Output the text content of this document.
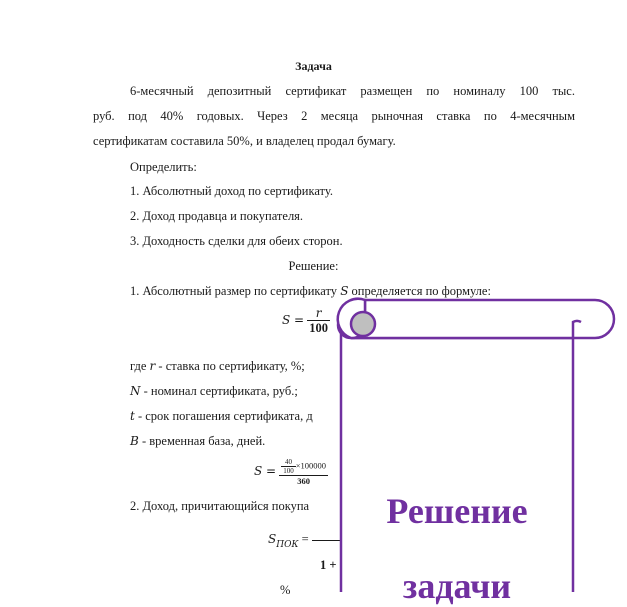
Задача
6-месячный депозитный сертификат размещен по номиналу 100 тыс.
руб. под 40% годовых. Через 2 месяца рыночная ставка по 4-месячным
сертификатам составила 50%, и владелец продал бумагу.
Определить:
1. Абсолютный доход по сертификату.
2. Доход продавца и покупателя.
3. Доходность сделки для обеих сторон.
Решение:
1. Абсолютный размер по сертификату S определяется по формуле:
$S = \frac{r}{100}$
где r - ставка по сертификату, %;
N - номинал сертификата, руб.;
t - срок погашения сертификата, д
B - временная база, дней.
$S = \frac{\frac{40}{100} \times 100000}{360}$
2. Доход, причитающийся покупа
$S_{ПОК}$ =
1 +
%
Решение
задачи
